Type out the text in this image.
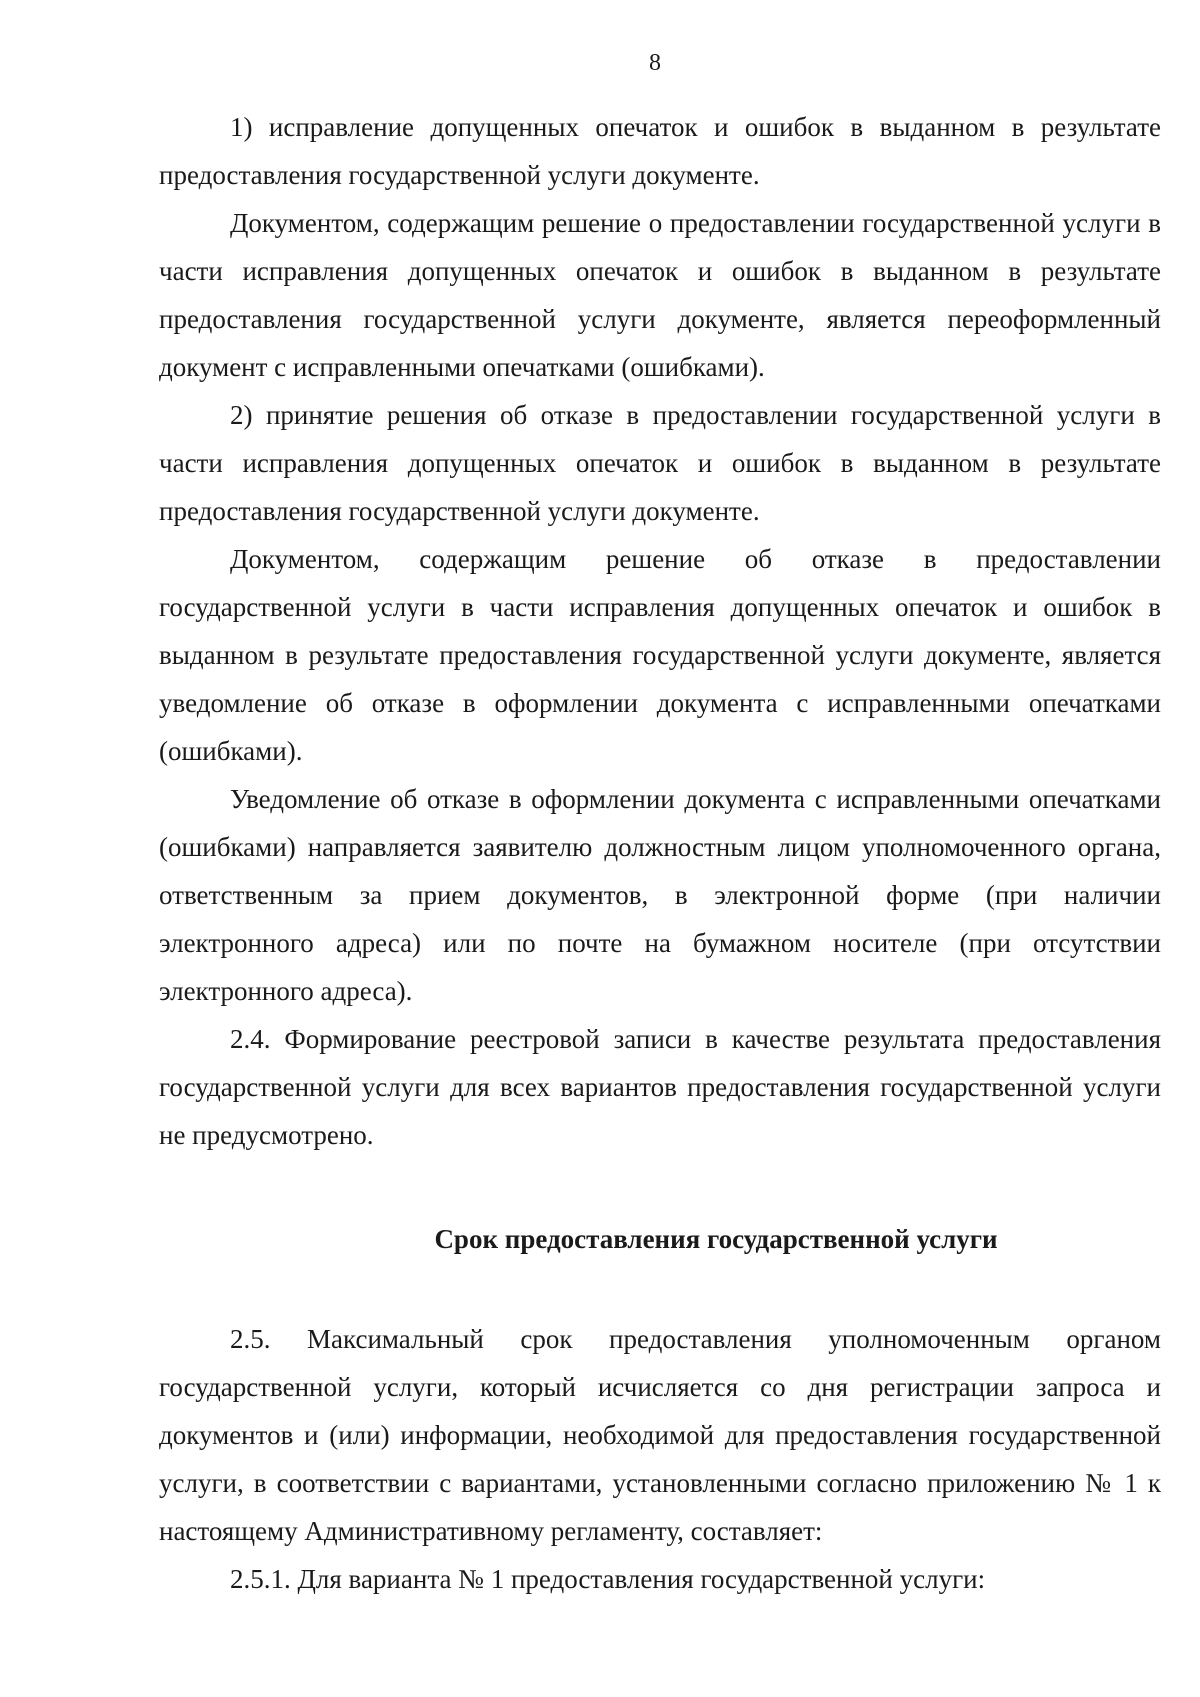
8

1) исправление допущенных опечаток и ошибок в выданном в результате предоставления государственной услуги документе.

Документом, содержащим решение о предоставлении государственной услуги в части исправления допущенных опечаток и ошибок в выданном в результате предоставления государственной услуги документе, является переоформленный документ с исправленными опечатками (ошибками).

2) принятие решения об отказе в предоставлении государственной услуги в части исправления допущенных опечаток и ошибок в выданном в результате предоставления государственной услуги документе.

Документом, содержащим решение об отказе в предоставлении государственной услуги в части исправления допущенных опечаток и ошибок в выданном в результате предоставления государственной услуги документе, является уведомление об отказе в оформлении документа с исправленными опечатками (ошибками).

Уведомление об отказе в оформлении документа с исправленными опечатками (ошибками) направляется заявителю должностным лицом уполномоченного органа, ответственным за прием документов, в электронной форме (при наличии электронного адреса) или по почте на бумажном носителе (при отсутствии электронного адреса).

2.4. Формирование реестровой записи в качестве результата предоставления государственной услуги для всех вариантов предоставления государственной услуги не предусмотрено.

Срок предоставления государственной услуги

2.5. Максимальный срок предоставления уполномоченным органом государственной услуги, который исчисляется со дня регистрации запроса и документов и (или) информации, необходимой для предоставления государственной услуги, в соответствии с вариантами, установленными согласно приложению № 1 к настоящему Административному регламенту, составляет:

2.5.1. Для варианта № 1 предоставления государственной услуги:
